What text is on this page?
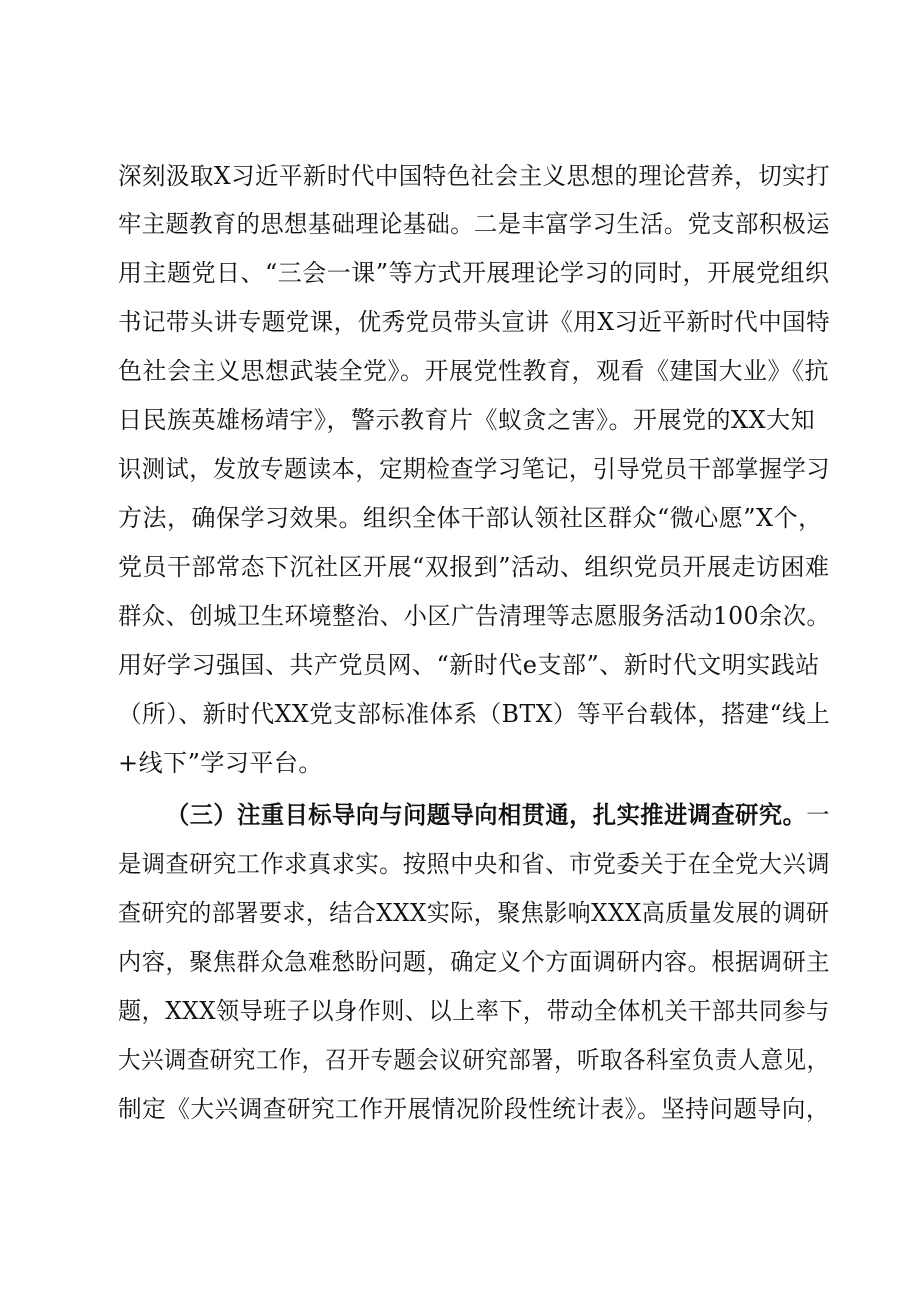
深刻汲取X习近平新时代中国特色社会主义思想的理论营养，切实打
牢主题教育的思想基础理论基础。二是丰富学习生活。党支部积极运
用主题党日、“三会一课”等方式开展理论学习的同时，开展党组织
书记带头讲专题党课，优秀党员带头宣讲《用X习近平新时代中国特
色社会主义思想武装全党》。开展党性教育，观看《建国大业》《抗
日民族英雄杨靖宇》，警示教育片《蚁贪之害》。开展党的XX大知
识测试，发放专题读本，定期检查学习笔记，引导党员干部掌握学习
方法，确保学习效果。组织全体干部认领社区群众“微心愿”X个，
党员干部常态下沉社区开展“双报到”活动、组织党员开展走访困难
群众、创城卫生环境整治、小区广告清理等志愿服务活动100余次。
用好学习强国、共产党员网、“新时代e支部”、新时代文明实践站
（所）、新时代XX党支部标准体系（BTX）等平台载体，搭建“线上
+线下”学习平台。
（三）注重目标导向与问题导向相贯通，扎实推进调查研究。一
是调查研究工作求真求实。按照中央和省、市党委关于在全党大兴调
查研究的部署要求，结合XXX实际，聚焦影响XXX高质量发展的调研
内容，聚焦群众急难愁盼问题，确定义个方面调研内容。根据调研主
题，XXX领导班子以身作则、以上率下，带动全体机关干部共同参与
大兴调查研究工作，召开专题会议研究部署，听取各科室负责人意见，
制定《大兴调查研究工作开展情况阶段性统计表》。坚持问题导向，
